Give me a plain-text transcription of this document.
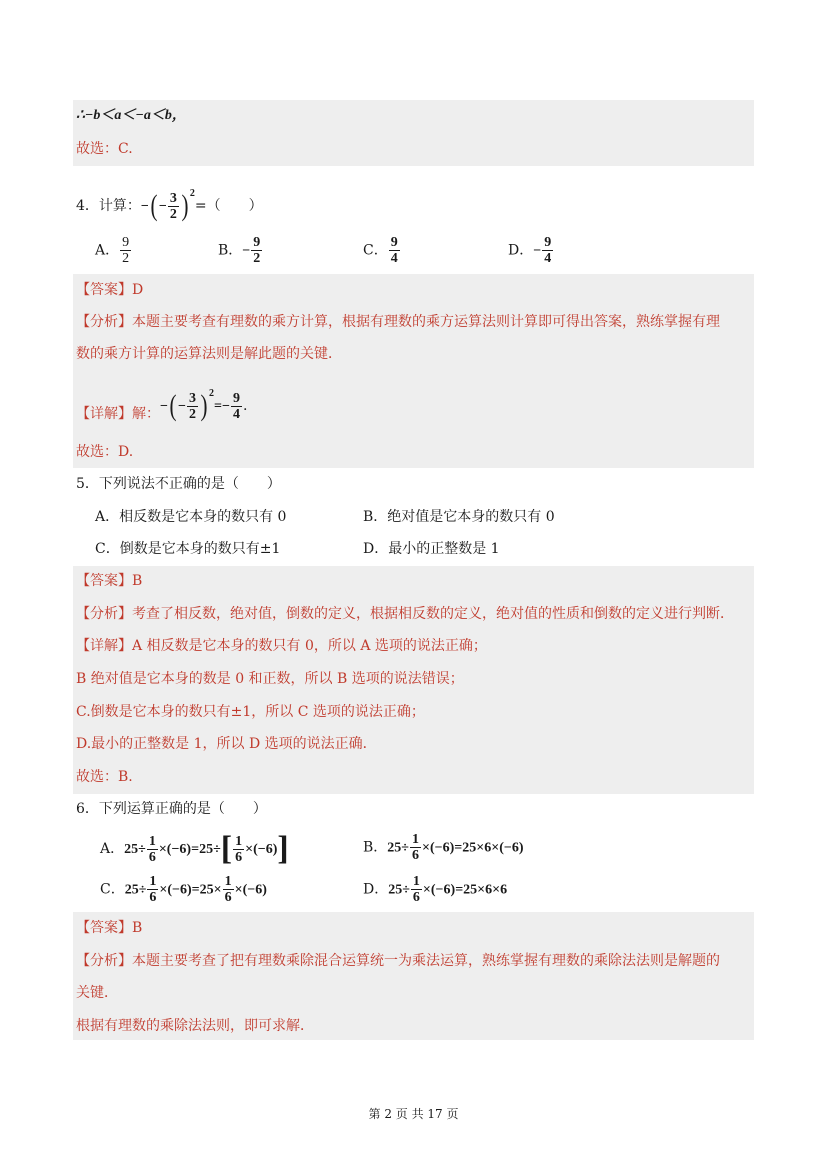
∴−b＜a＜−a＜b，
故选：C.
4．计算：−( − $\frac{3}{2}$ ) $^2$=（　　）
A． $\frac{9}{2}$	B．− $\frac{9}{2}$	C． $\frac{9}{4}$	D．− $\frac{9}{4}$
【答案】D
【分析】本题主要考查有理数的乘方计算，根据有理数的乘方运算法则计算即可得出答案，熟练掌握有理
数的乘方计算的运算法则是解此题的关键．
【详解】解：−( − $\frac{3}{2}$ ) $^2=- \frac{9}{4}$ .
故选：D.
5．下列说法不正确的是（　　）
A．相反数是它本身的数只有 0	B．绝对值是它本身的数只有 0
C．倒数是它本身的数只有±1	D．最小的正整数是 1
【答案】B
【分析】考查了相反数，绝对值，倒数的定义，根据相反数的定义，绝对值的性质和倒数的定义进行判断．
【详解】A 相反数是它本身的数只有 0，所以 A 选项的说法正确；
B 绝对值是它本身的数是 0 和正数，所以 B 选项的说法错误；
C.倒数是它本身的数只有±1，所以 C 选项的说法正确；
D.最小的正整数是 1，所以 D 选项的说法正确．
故选：B.
6．下列运算正确的是（　　）
A．$25\div \frac{1}{6} \times(-6)=25\div[ \frac{1}{6} \times(-6)]$	B．$25\div \frac{1}{6} \times(-6)=25\times 6\times(-6)$
C．$25\div \frac{1}{6} \times(-6)=25\times \frac{1}{6} \times(-6)$	D．$25\div \frac{1}{6} \times(-6)=25\times 6\times 6$
【答案】B
【分析】本题主要考查了把有理数乘除混合运算统一为乘法运算，熟练掌握有理数的乘除法法则是解题的
关键．
根据有理数的乘除法法则，即可求解．
第 2 页 共 17 页
